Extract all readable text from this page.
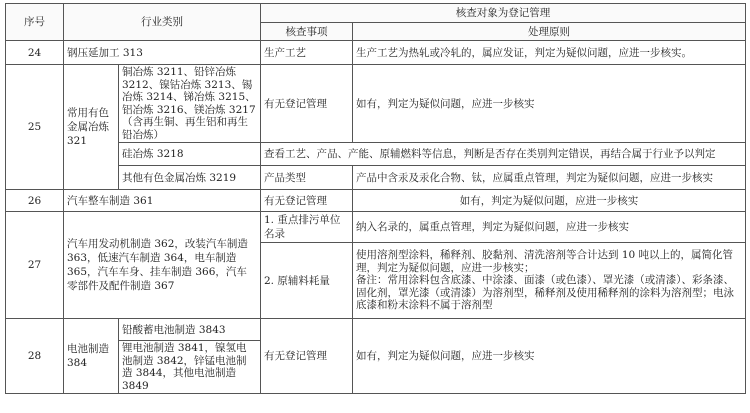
序号	行业类别		核查对象为登记管理	
			核查事项	处理原则
24	钢压延加工 313		生产工艺	生产工艺为热轧或冷轧的，属应发证，判定为疑似问题，应进一步核实。
25	常用有色金属冶炼 321	铜冶炼 3211、铅锌冶炼 3212、镍钴冶炼 3213、锡冶炼 3214、锑冶炼 3215、铝冶炼 3216、镁冶炼 3217（含再生铜、再生铝和再生铅冶炼）	有无登记管理	如有，判定为疑似问题，应进一步核实
		硅冶炼 3218	查看工艺、产品、产能、原辅燃料等信息，判断是否存在类别判定错误，再结合属于行业予以判定	
		其他有色金属冶炼 3219	产品类型	产品中含汞及汞化合物、钛，应属重点管理，判定为疑似问题，应进一步核实
26	汽车整车制造 361		有无登记管理	如有，判定为疑似问题，应进一步核实
27	汽车用发动机制造 362，改装汽车制造 363，低速汽车制造 364，电车制造 365，汽车车身、挂车制造 366，汽车零部件及配件制造 367		1. 重点排污单位名录	纳入名录的，属重点管理，判定为疑似问题，应进一步核实
			2. 原辅料耗量	使用溶剂型涂料，稀释剂、胶黏剂、清洗溶剂等合计达到 10 吨以上的，属简化管理，判定为疑似问题，应进一步核实；
备注：常用涂料包含底漆、中涂漆、面漆（或色漆）、罩光漆（或清漆）、彩条漆、固化剂，罩光漆（或清漆）为溶剂型，稀释剂及使用稀释剂的涂料为溶剂型；电泳底漆和粉末涂料不属于溶剂型

28	电池制造 384	铅酸蓄电池制造 3843	有无登记管理	如有，判定为疑似问题，应进一步核实
		锂电池制造 3841，镍氢电池制造 3842，锌锰电池制造 3844，其他电池制造 3849		
